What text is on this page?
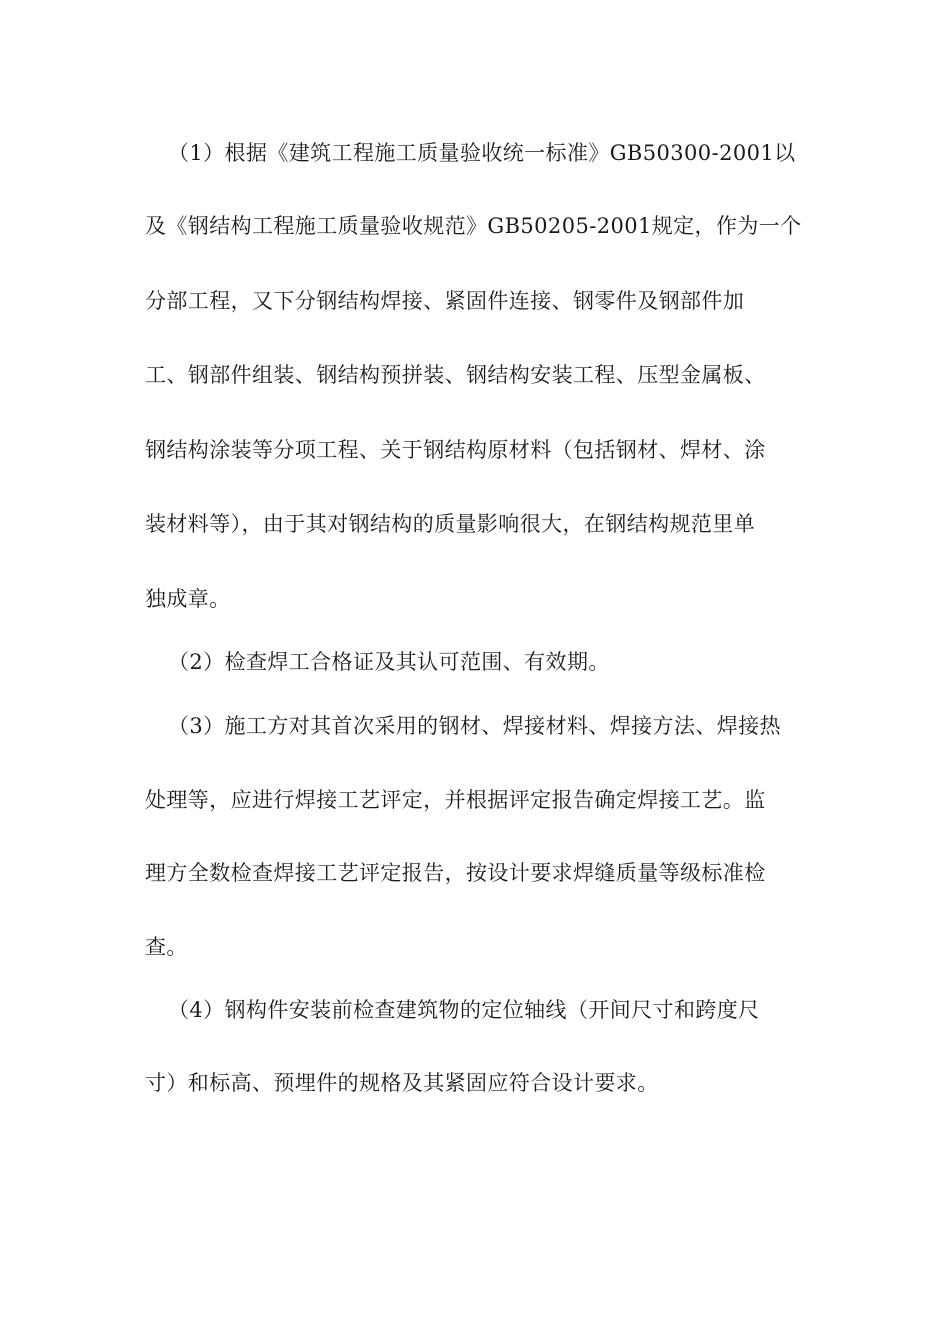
（1）根据《建筑工程施工质量验收统一标准》GB50300-2001以
及《钢结构工程施工质量验收规范》GB50205-2001规定，作为一个
分部工程，又下分钢结构焊接、紧固件连接、钢零件及钢部件加
工、钢部件组装、钢结构预拼装、钢结构安装工程、压型金属板、
钢结构涂装等分项工程、关于钢结构原材料（包括钢材、焊材、涂
装材料等），由于其对钢结构的质量影响很大，在钢结构规范里单
独成章。
（2）检查焊工合格证及其认可范围、有效期。
（3）施工方对其首次采用的钢材、焊接材料、焊接方法、焊接热
处理等，应进行焊接工艺评定，并根据评定报告确定焊接工艺。监
理方全数检查焊接工艺评定报告，按设计要求焊缝质量等级标准检
查。
（4）钢构件安装前检查建筑物的定位轴线（开间尺寸和跨度尺
寸）和标高、预埋件的规格及其紧固应符合设计要求。
